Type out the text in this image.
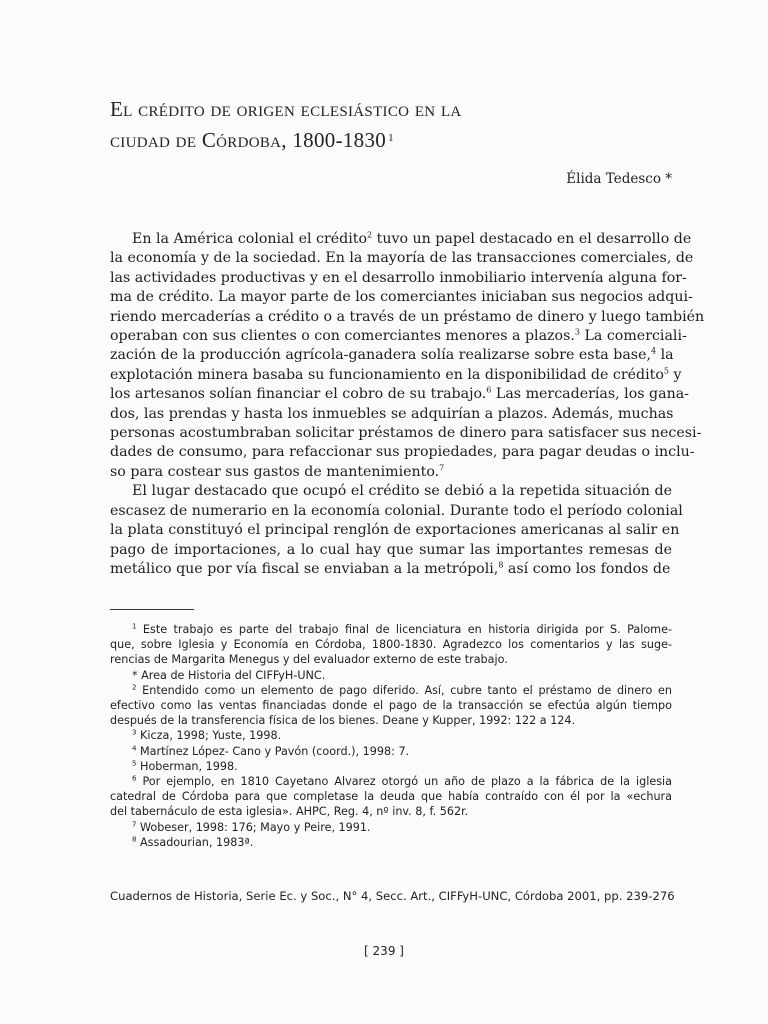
El crédito de origen eclesiástico en la
ciudad de Córdoba, 1800-1830 $^1$
Élida Tedesco *
En la América colonial el crédito$^2$ tuvo un papel destacado en el desarrollo de
la economía y de la sociedad. En la mayoría de las transacciones comerciales, de
las actividades productivas y en el desarrollo inmobiliario intervenía alguna for-
ma de crédito. La mayor parte de los comerciantes iniciaban sus negocios adqui-
riendo mercaderías a crédito o a través de un préstamo de dinero y luego también
operaban con sus clientes o con comerciantes menores a plazos.$^3$ La comerciali-
zación de la producción agrícola-ganadera solía realizarse sobre esta base,$^4$ la
explotación minera basaba su funcionamiento en la disponibilidad de crédito$^5$ y
los artesanos solían financiar el cobro de su trabajo.$^6$ Las mercaderías, los gana-
dos, las prendas y hasta los inmuebles se adquirían a plazos. Además, muchas
personas acostumbraban solicitar préstamos de dinero para satisfacer sus necesi-
dades de consumo, para refaccionar sus propiedades, para pagar deudas o inclu-
so para costear sus gastos de mantenimiento.$^7$
El lugar destacado que ocupó el crédito se debió a la repetida situación de
escasez de numerario en la economía colonial. Durante todo el período colonial
la plata constituyó el principal renglón de exportaciones americanas al salir en
pago de importaciones, a lo cual hay que sumar las importantes remesas de
metálico que por vía fiscal se enviaban a la metrópoli,$^8$ así como los fondos de
$^1$ Este trabajo es parte del trabajo final de licenciatura en historia dirigida por S. Palome-
que, sobre Iglesia y Economía en Córdoba, 1800-1830. Agradezco los comentarios y las suge-
rencias de Margarita Menegus y del evaluador externo de este trabajo.
* Area de Historia del CIFFyH-UNC.
$^2$ Entendido como un elemento de pago diferido. Así, cubre tanto el préstamo de dinero en
efectivo como las ventas financiadas donde el pago de la transacción se efectúa algún tiempo
después de la transferencia física de los bienes. Deane y Kupper, 1992: 122 a 124.
$^3$ Kicza, 1998; Yuste, 1998.
$^4$ Martínez López- Cano y Pavón (coord.), 1998: 7.
$^5$ Hoberman, 1998.
$^6$ Por ejemplo, en 1810 Cayetano Alvarez otorgó un año de plazo a la fábrica de la iglesia
catedral de Córdoba para que completase la deuda que había contraído con él por la «echura
del tabernáculo de esta iglesia». AHPC, Reg. 4, nº inv. 8, f. 562r.
$^7$ Wobeser, 1998: 176; Mayo y Peire, 1991.
$^8$ Assadourian, 1983ª.
Cuadernos de Historia, Serie Ec. y Soc., N° 4, Secc. Art., CIFFyH-UNC, Córdoba 2001, pp. 239-276
[ 239 ]
